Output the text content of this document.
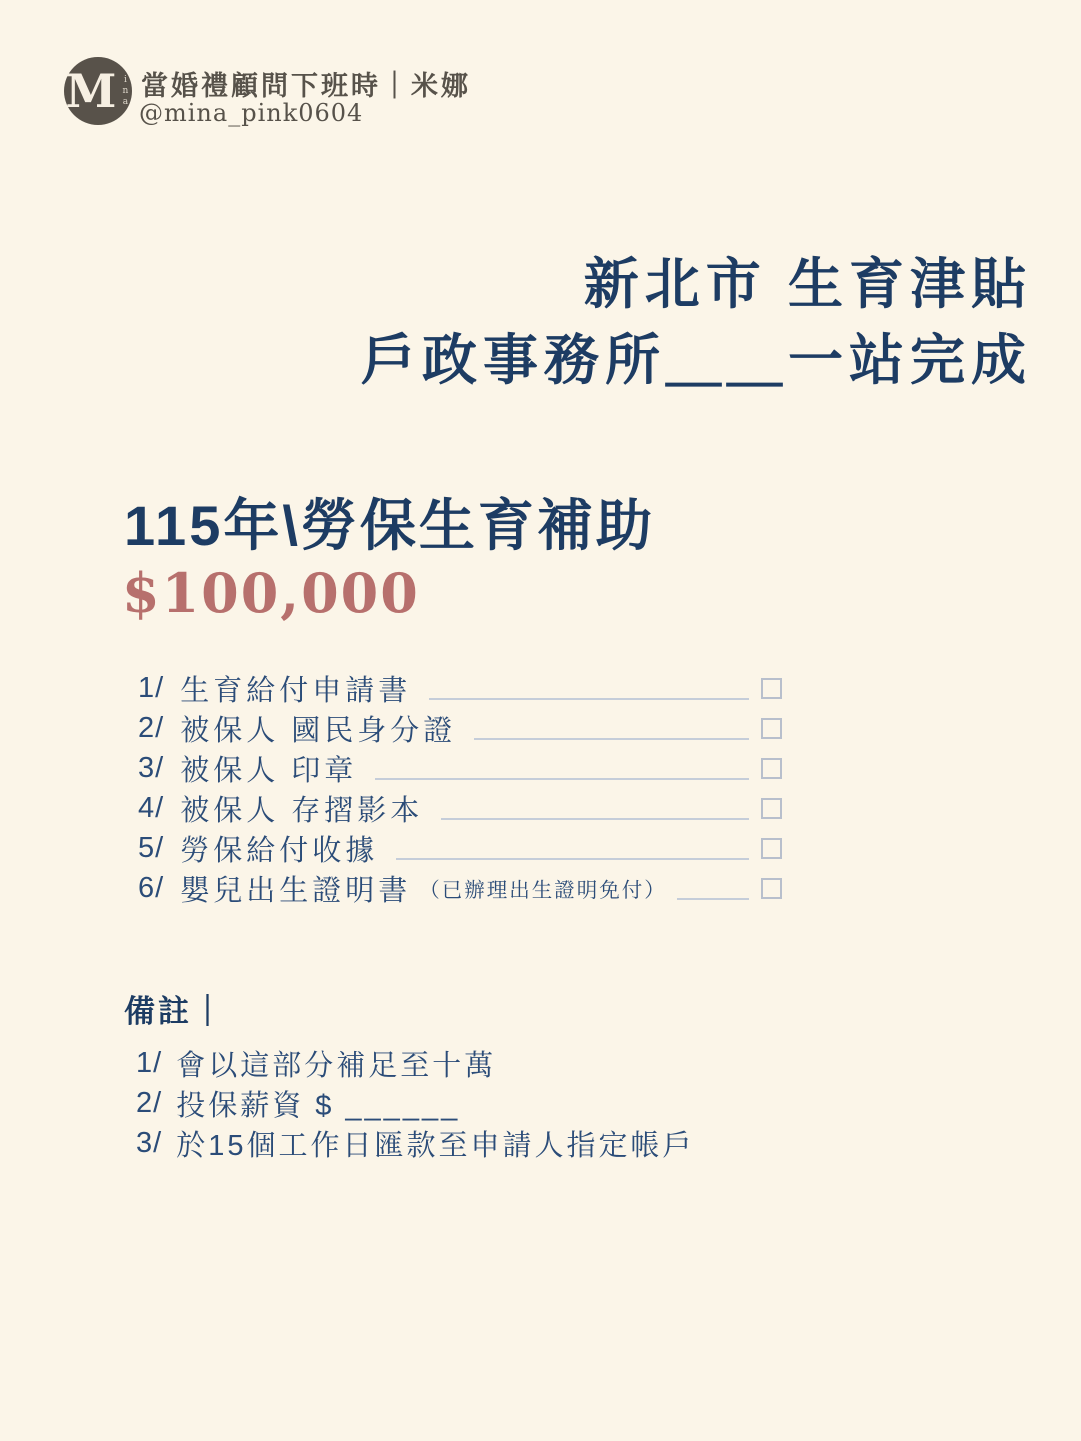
M ina 當婚禮顧問下班時｜米娜
@mina_pink0604
新北市 生育津貼
戶政事務所＿＿一站完成
115年\勞保生育補助
$100,000
1/ 生育給付申請書
2/ 被保人 國民身分證
3/ 被保人 印章
4/ 被保人 存摺影本
5/ 勞保給付收據
6/ 嬰兒出生證明書 （已辦理出生證明免付）
備註｜
1/ 會以這部分補足至十萬
2/ 投保薪資 $ ______
3/ 於15個工作日匯款至申請人指定帳戶
